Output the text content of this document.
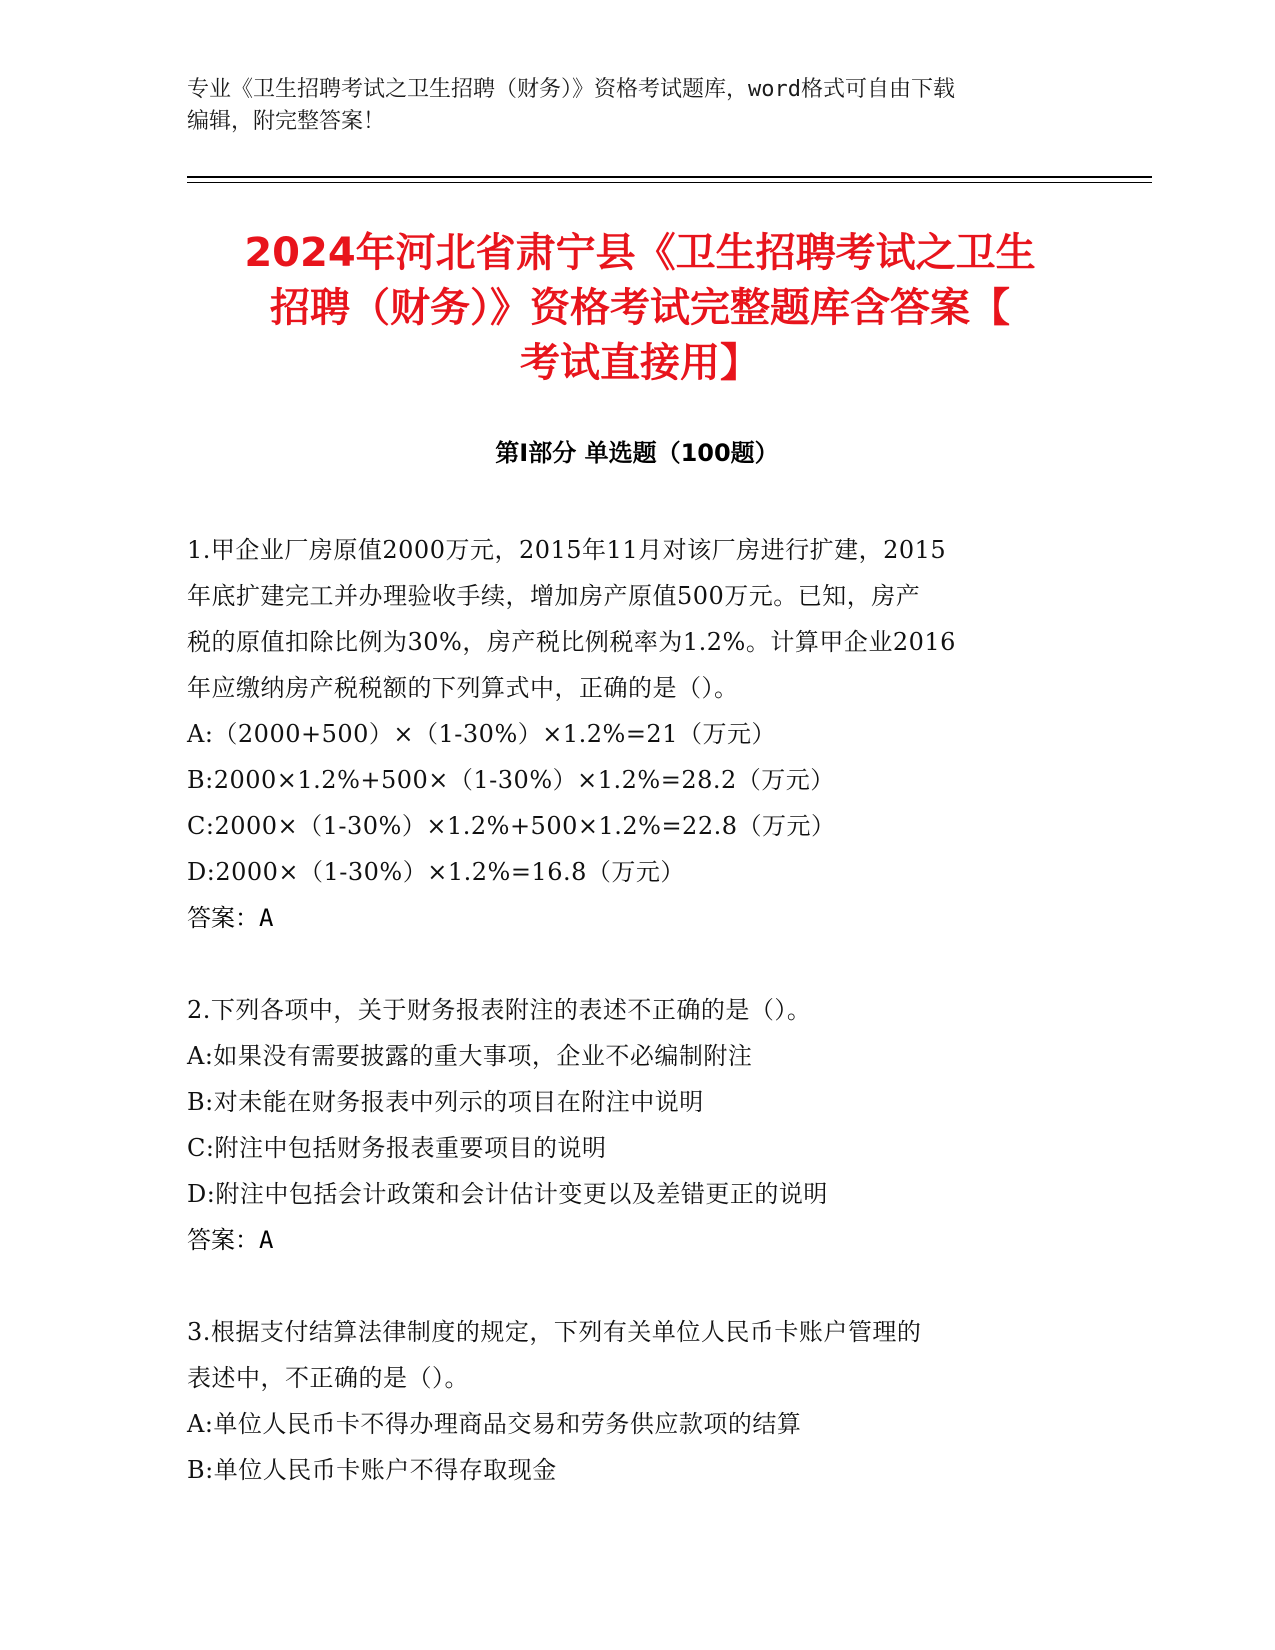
专业《卫生招聘考试之卫生招聘（财务）》资格考试题库，word格式可自由下载
编辑，附完整答案！

2024年河北省肃宁县《卫生招聘考试之卫生
招聘（财务）》资格考试完整题库含答案【
考试直接用】
第Ⅰ部分 单选题（100题）
1.甲企业厂房原值2000万元，2015年11月对该厂房进行扩建，2015
年底扩建完工并办理验收手续，增加房产原值500万元。已知，房产
税的原值扣除比例为30%，房产税比例税率为1.2%。计算甲企业2016
年应缴纳房产税税额的下列算式中，正确的是（）。
A:（2000+500）×（1-30%）×1.2%=21（万元）
B:2000×1.2%+500×（1-30%）×1.2%=28.2（万元）
C:2000×（1-30%）×1.2%+500×1.2%=22.8（万元）
D:2000×（1-30%）×1.2%=16.8（万元）
答案：A
2.下列各项中，关于财务报表附注的表述不正确的是（）。
A:如果没有需要披露的重大事项，企业不必编制附注
B:对未能在财务报表中列示的项目在附注中说明
C:附注中包括财务报表重要项目的说明
D:附注中包括会计政策和会计估计变更以及差错更正的说明
答案：A
3.根据支付结算法律制度的规定，下列有关单位人民币卡账户管理的
表述中，不正确的是（）。
A:单位人民币卡不得办理商品交易和劳务供应款项的结算
B:单位人民币卡账户不得存取现金
